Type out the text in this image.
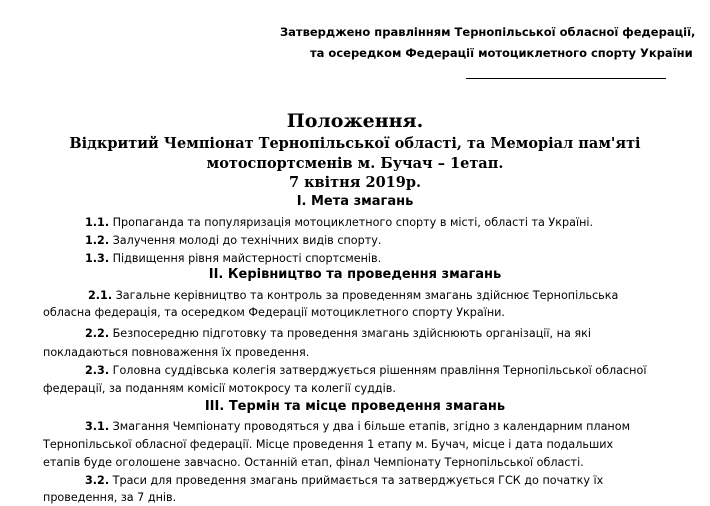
Затверджено правлінням Тернопільської обласної федерації,
та осередком Федерації мотоциклетного спорту України
Положення.
Відкритий Чемпіонат Тернопільської області, та Меморіал пам'яті
мотоспортсменів м. Бучач – 1етап.
7 квітня 2019р.
І. Мета змагань
1.1. Пропаганда та популяризація мотоциклетного спорту в місті, області та Україні.
1.2. Залучення молоді до технічних видів спорту.
1.3. Підвищення рівня майстерності спортсменів.
ІІ. Керівництво та проведення змагань
2.1. Загальне керівництво та контроль за проведенням змагань здійснює Тернопільська
обласна федерація, та осередком Федерації мотоциклетного спорту України.
2.2. Безпосередню підготовку та проведення змагань здійснюють організації, на які
покладаються повноваження їх проведення.
2.3. Головна суддівська колегія затверджується рішенням правління Тернопільської обласної
федерації, за поданням комісії мотокросу та колегії суддів.
ІІІ. Термін та місце проведення змагань
3.1. Змагання Чемпіонату проводяться у два і більше етапів, згідно з календарним планом
Тернопільської обласної федерації. Місце проведення 1 етапу м. Бучач, місце і дата подальших
етапів буде оголошене завчасно. Останній етап, фінал Чемпіонату Тернопільської області.
3.2. Траси для проведення змагань приймається та затверджується ГСК до початку їх
проведення, за 7 днів.
